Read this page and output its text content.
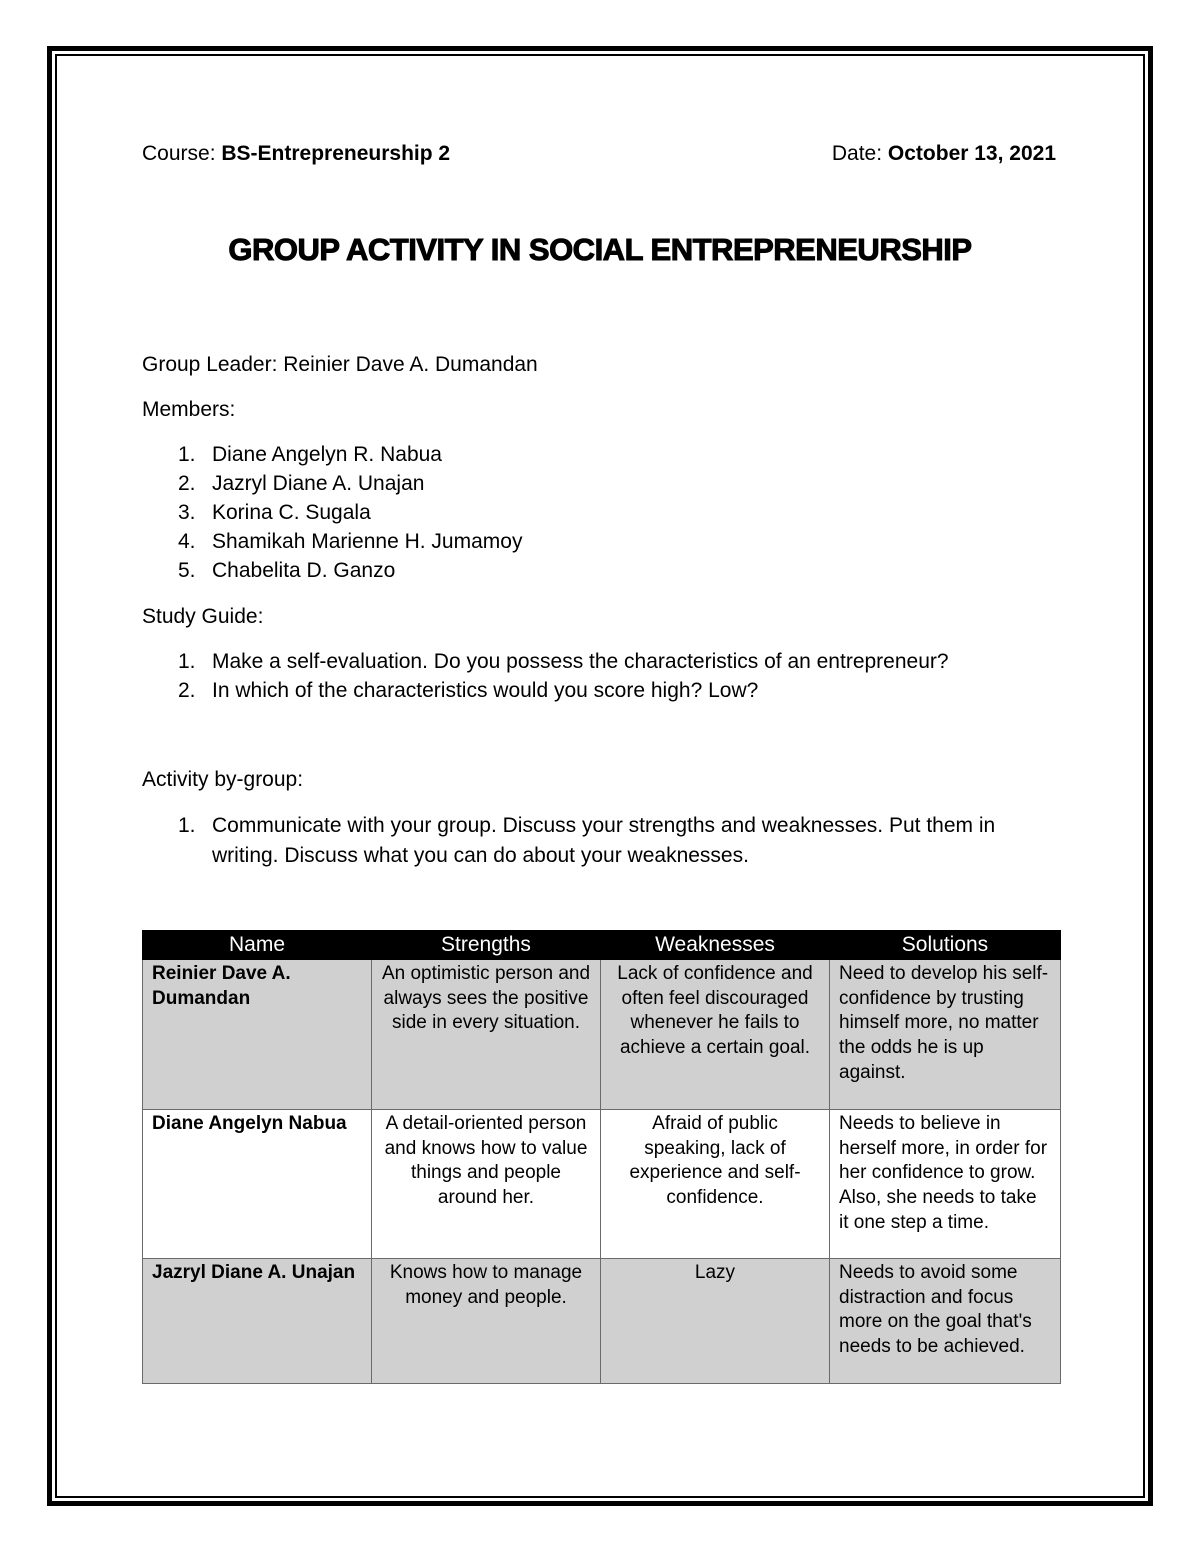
Course: BS-Entrepreneurship 2	Date: October 13, 2021
GROUP ACTIVITY IN SOCIAL ENTREPRENEURSHIP
Group Leader: Reinier Dave A. Dumandan
Members:
1. Diane Angelyn R. Nabua
2. Jazryl Diane A. Unajan
3. Korina C. Sugala
4. Shamikah Marienne H. Jumamoy
5. Chabelita D. Ganzo
Study Guide:
1. Make a self-evaluation. Do you possess the characteristics of an entrepreneur?
2. In which of the characteristics would you score high? Low?
Activity by-group:
1. Communicate with your group. Discuss your strengths and weaknesses. Put them in writing. Discuss what you can do about your weaknesses.
Name	Strengths	Weaknesses	Solutions
Reinier Dave A. Dumandan	An optimistic person and always sees the positive side in every situation.	Lack of confidence and often feel discouraged whenever he fails to achieve a certain goal.	Need to develop his self-confidence by trusting himself more, no matter the odds he is up against.
Diane Angelyn Nabua	A detail-oriented person and knows how to value things and people around her.	Afraid of public speaking, lack of experience and self-confidence.	Needs to believe in herself more, in order for her confidence to grow. Also, she needs to take it one step a time.
Jazryl Diane A. Unajan	Knows how to manage money and people.	Lazy	Needs to avoid some distraction and focus more on the goal that's needs to be achieved.
